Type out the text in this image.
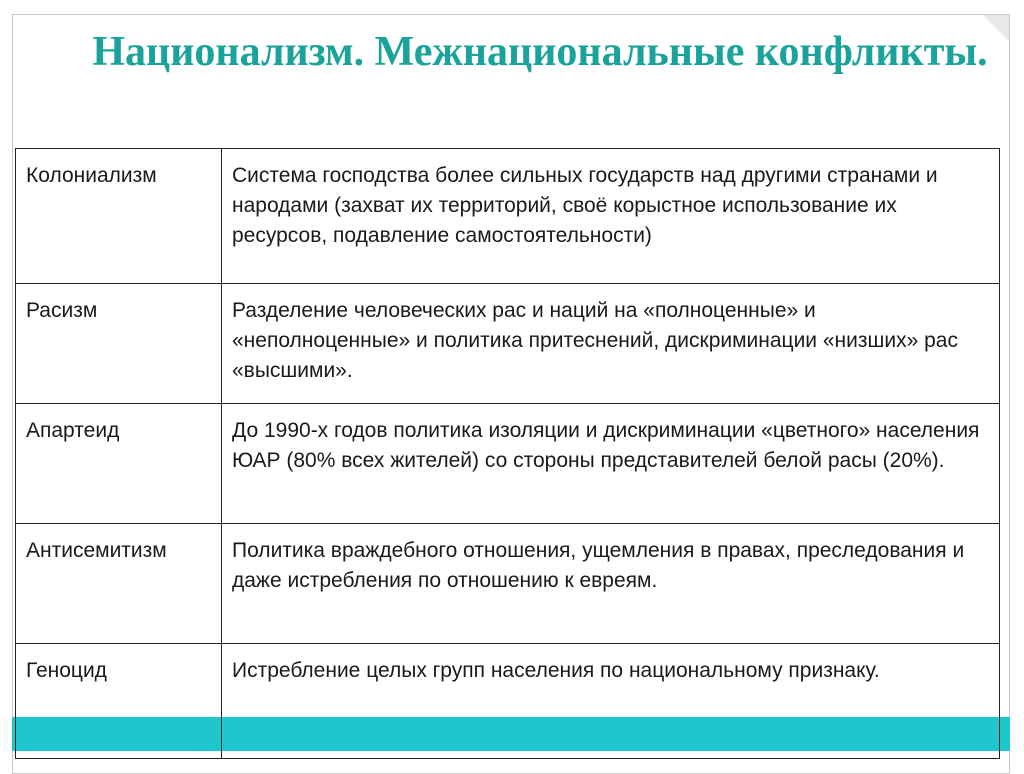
Национализм. Межнациональные конфликты.
Колониализм	Система господства более сильных государств над другими странами и народами (захват их территорий, своё корыстное использование их ресурсов, подавление самостоятельности)
Расизм	Разделение человеческих рас и наций на «полноценные» и «неполноценные» и политика притеснений, дискриминации «низших» рас «высшими».
Апартеид	До 1990-х годов политика изоляции и дискриминации «цветного» населения ЮАР (80% всех жителей) со стороны представителей белой расы (20%).
Антисемитизм	Политика враждебного отношения, ущемления в правах, преследования и даже истребления по отношению к евреям.
Геноцид	Истребление целых групп населения по национальному признаку.
